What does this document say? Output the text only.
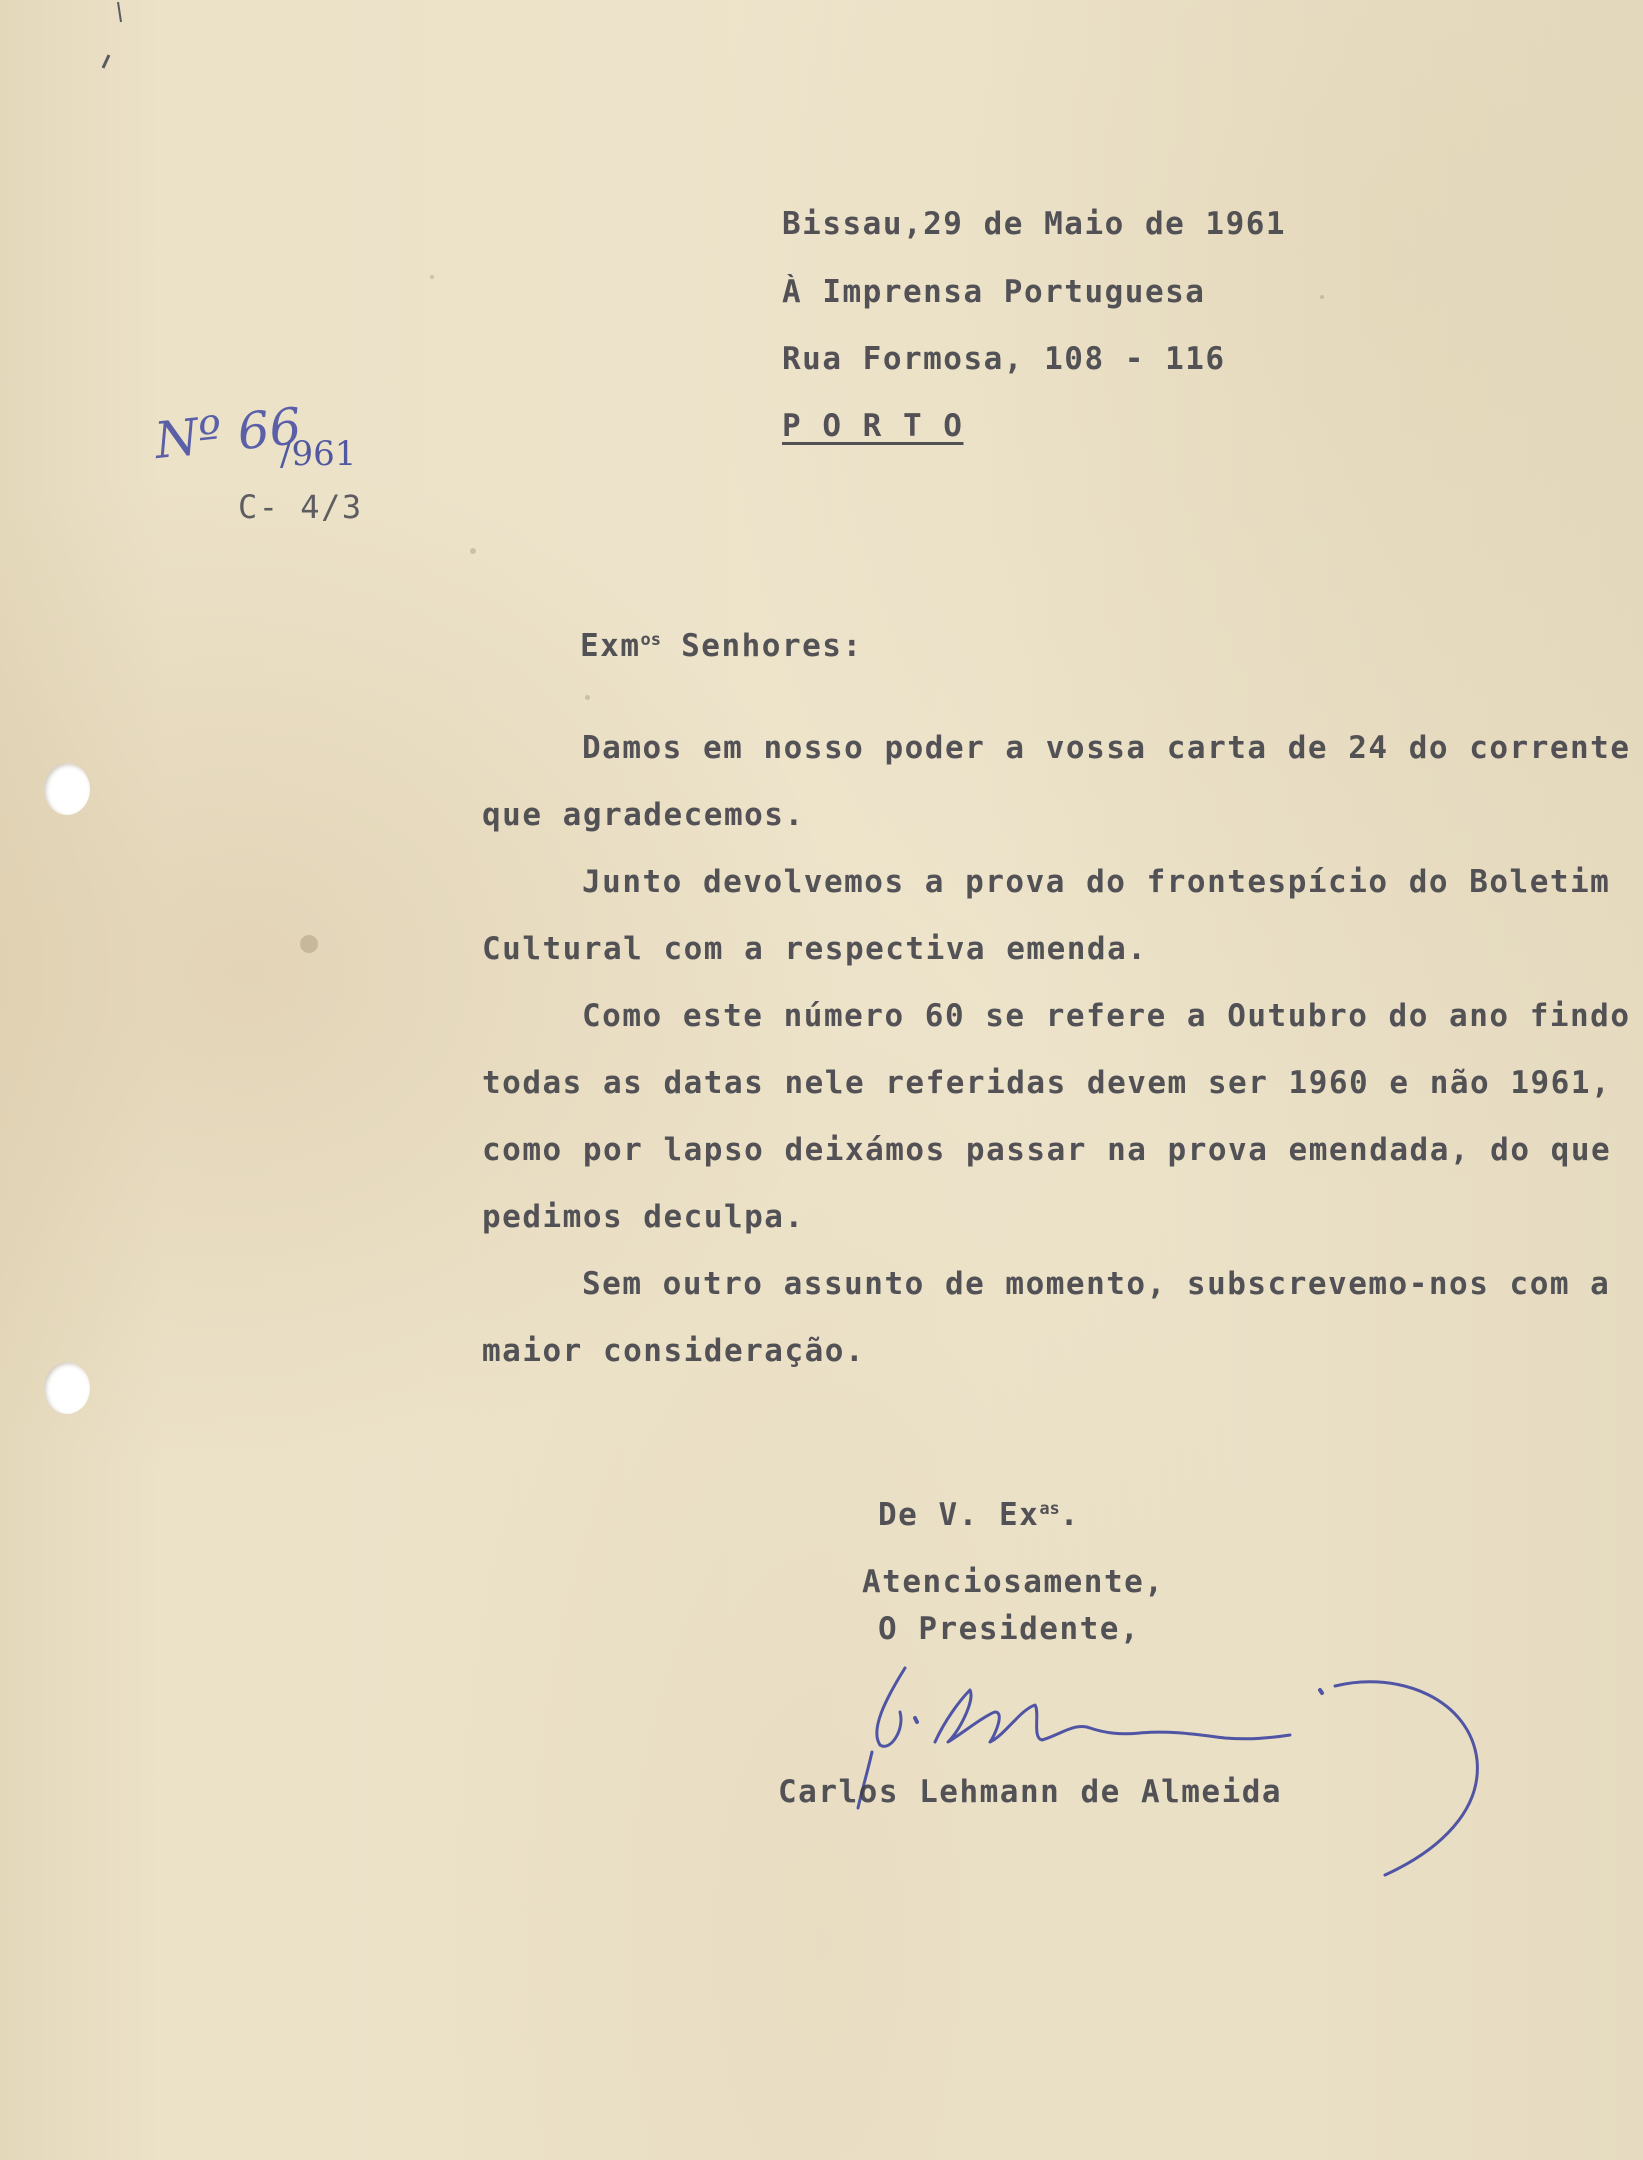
Nº 66
/961
C- 4/3
Bissau,29 de Maio de 1961
À Imprensa Portuguesa
Rua Formosa, 108 - 116
P O R T O
Exm$^{os}$ Senhores:
Damos em nosso poder a vossa carta de 24 do corrente
que agradecemos.
Junto devolvemos a prova do frontespício do Boletim
Cultural com a respectiva emenda.
Como este número 60 se refere a Outubro do ano findo
todas as datas nele referidas devem ser 1960 e não 1961,
como por lapso deixámos passar na prova emendada, do que
pedimos deculpa.
Sem outro assunto de momento, subscrevemo-nos com a
maior consideração.
De V. $Ex^{as}$.
Atenciosamente,
O Presidente,
Carlos Lehmann de Almeida
